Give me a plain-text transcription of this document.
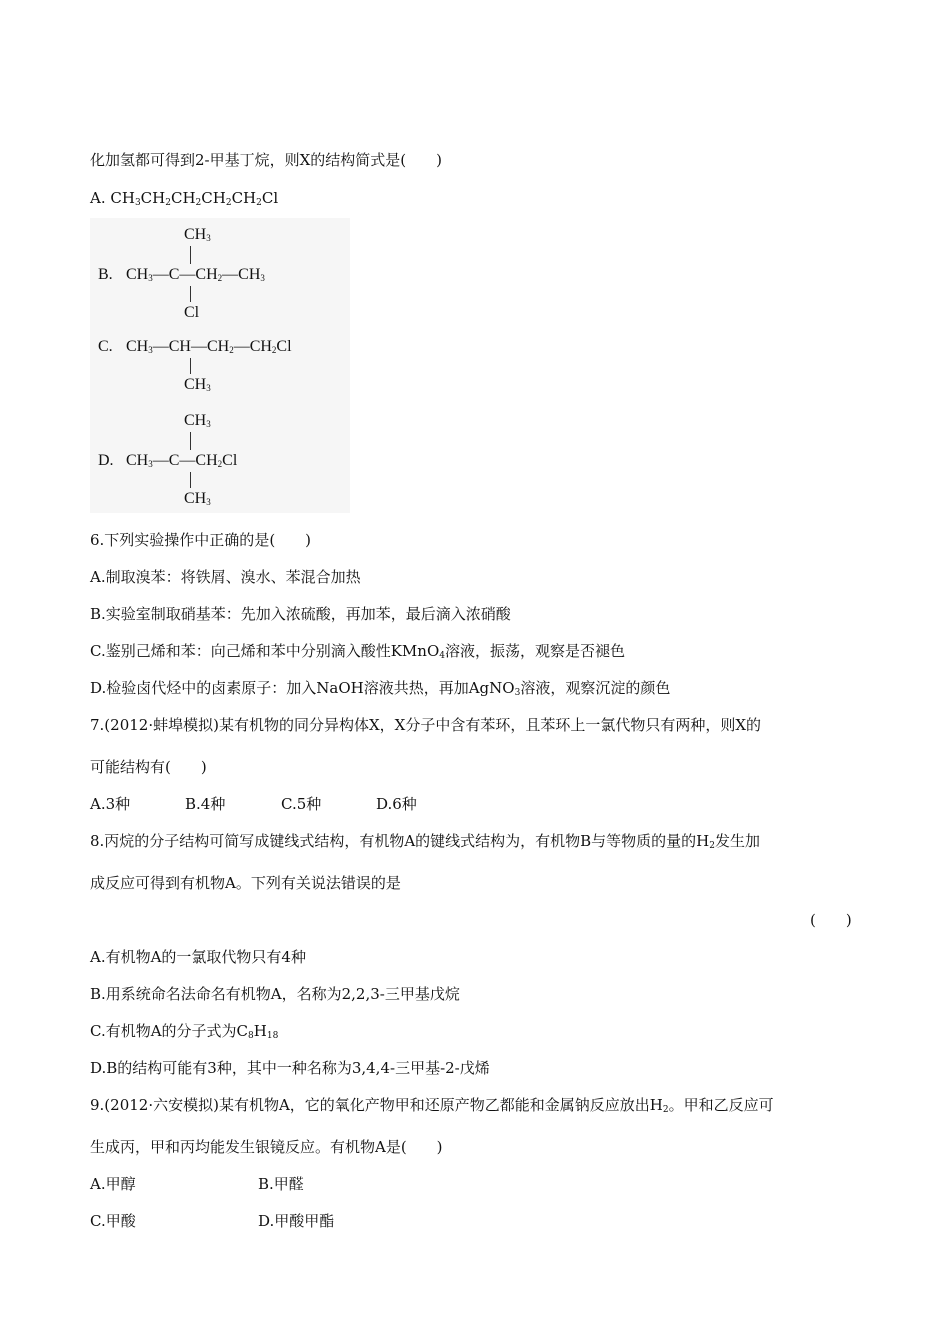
化加氢都可得到2-甲基丁烷，则X的结构简式是(　　)
A. $CH_3CH_2CH_2CH_2CH_2Cl$
B.
$CH_3$
$CH_3—C—CH_2—CH_3$
Cl
C. $CH_3—CH—CH_2—CH_2Cl$
$CH_3$
$CH_3$
D. $CH_3—C—CH_2Cl$
$CH_3$
6.下列实验操作中正确的是(　　)
A.制取溴苯：将铁屑、溴水、苯混合加热
B.实验室制取硝基苯：先加入浓硫酸，再加苯，最后滴入浓硝酸
C.鉴别己烯和苯：向己烯和苯中分别滴入酸性KMnO$_4$溶液，振荡，观察是否褪色
D.检验卤代烃中的卤素原子：加入NaOH溶液共热，再加AgNO$_3$溶液，观察沉淀的颜色
7.(2012·蚌埠模拟)某有机物的同分异构体X，X分子中含有苯环，且苯环上一氯代物只有两种，则X的
可能结构有(　　)
A.3种	B.4种	C.5种	D.6种
8.丙烷的分子结构可简写成键线式结构，有机物A的键线式结构为，有机物B与等物质的量的$H_2$发生加
成反应可得到有机物A。下列有关说法错误的是
(　　)
A.有机物A的一氯取代物只有4种
B.用系统命名法命名有机物A，名称为2,2,3-三甲基戊烷
C.有机物A的分子式为$C_8H_{18}$
D.B的结构可能有3种，其中一种名称为3,4,4-三甲基-2-戊烯
9.(2012·六安模拟)某有机物A，它的氧化产物甲和还原产物乙都能和金属钠反应放出$H_2$。甲和乙反应可
生成丙，甲和丙均能发生银镜反应。有机物A是(　　)
A.甲醇	B.甲醛
C.甲酸	D.甲酸甲酯
